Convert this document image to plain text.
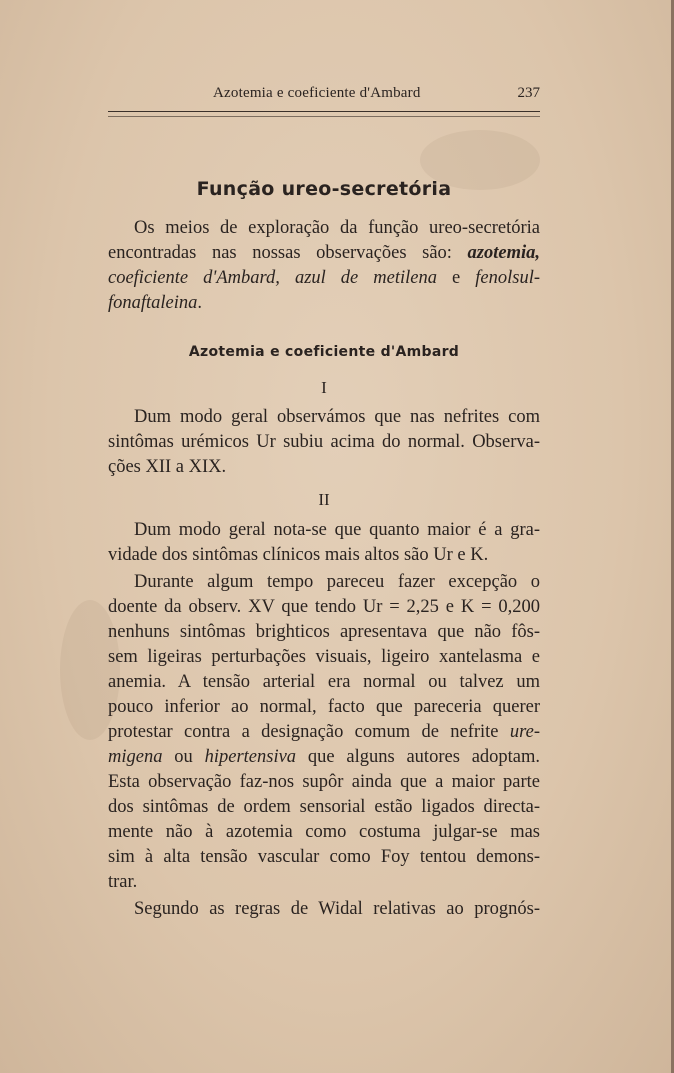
Azotemia e coeficiente d'Ambard	237
Função ureo-secretória
Os meios de exploração da função ureo-secretória
encontradas nas nossas observações são: azotemia,
coeficiente d'Ambard, azul de metilena e fenolsul-
fonaftaleina.
Azotemia e coeficiente d'Ambard
I
Dum modo geral observámos que nas nefrites com
sintômas urémicos Ur subiu acima do normal. Observa-
ções XII a XIX.
II
Dum modo geral nota-se que quanto maior é a gra-
vidade dos sintômas clínicos mais altos são Ur e K.
Durante algum tempo pareceu fazer excepção o
doente da observ. XV que tendo Ur = 2,25 e K = 0,200
nenhuns sintômas brighticos apresentava que não fôs-
sem ligeiras perturbações visuais, ligeiro xantelasma e
anemia. A tensão arterial era normal ou talvez um
pouco inferior ao normal, facto que pareceria querer
protestar contra a designação comum de nefrite ure-
migena ou hipertensiva que alguns autores adoptam.
Esta observação faz-nos supôr ainda que a maior parte
dos sintômas de ordem sensorial estão ligados directa-
mente não à azotemia como costuma julgar-se mas
sim à alta tensão vascular como Foy tentou demons-
trar.
Segundo as regras de Widal relativas ao prognós-
